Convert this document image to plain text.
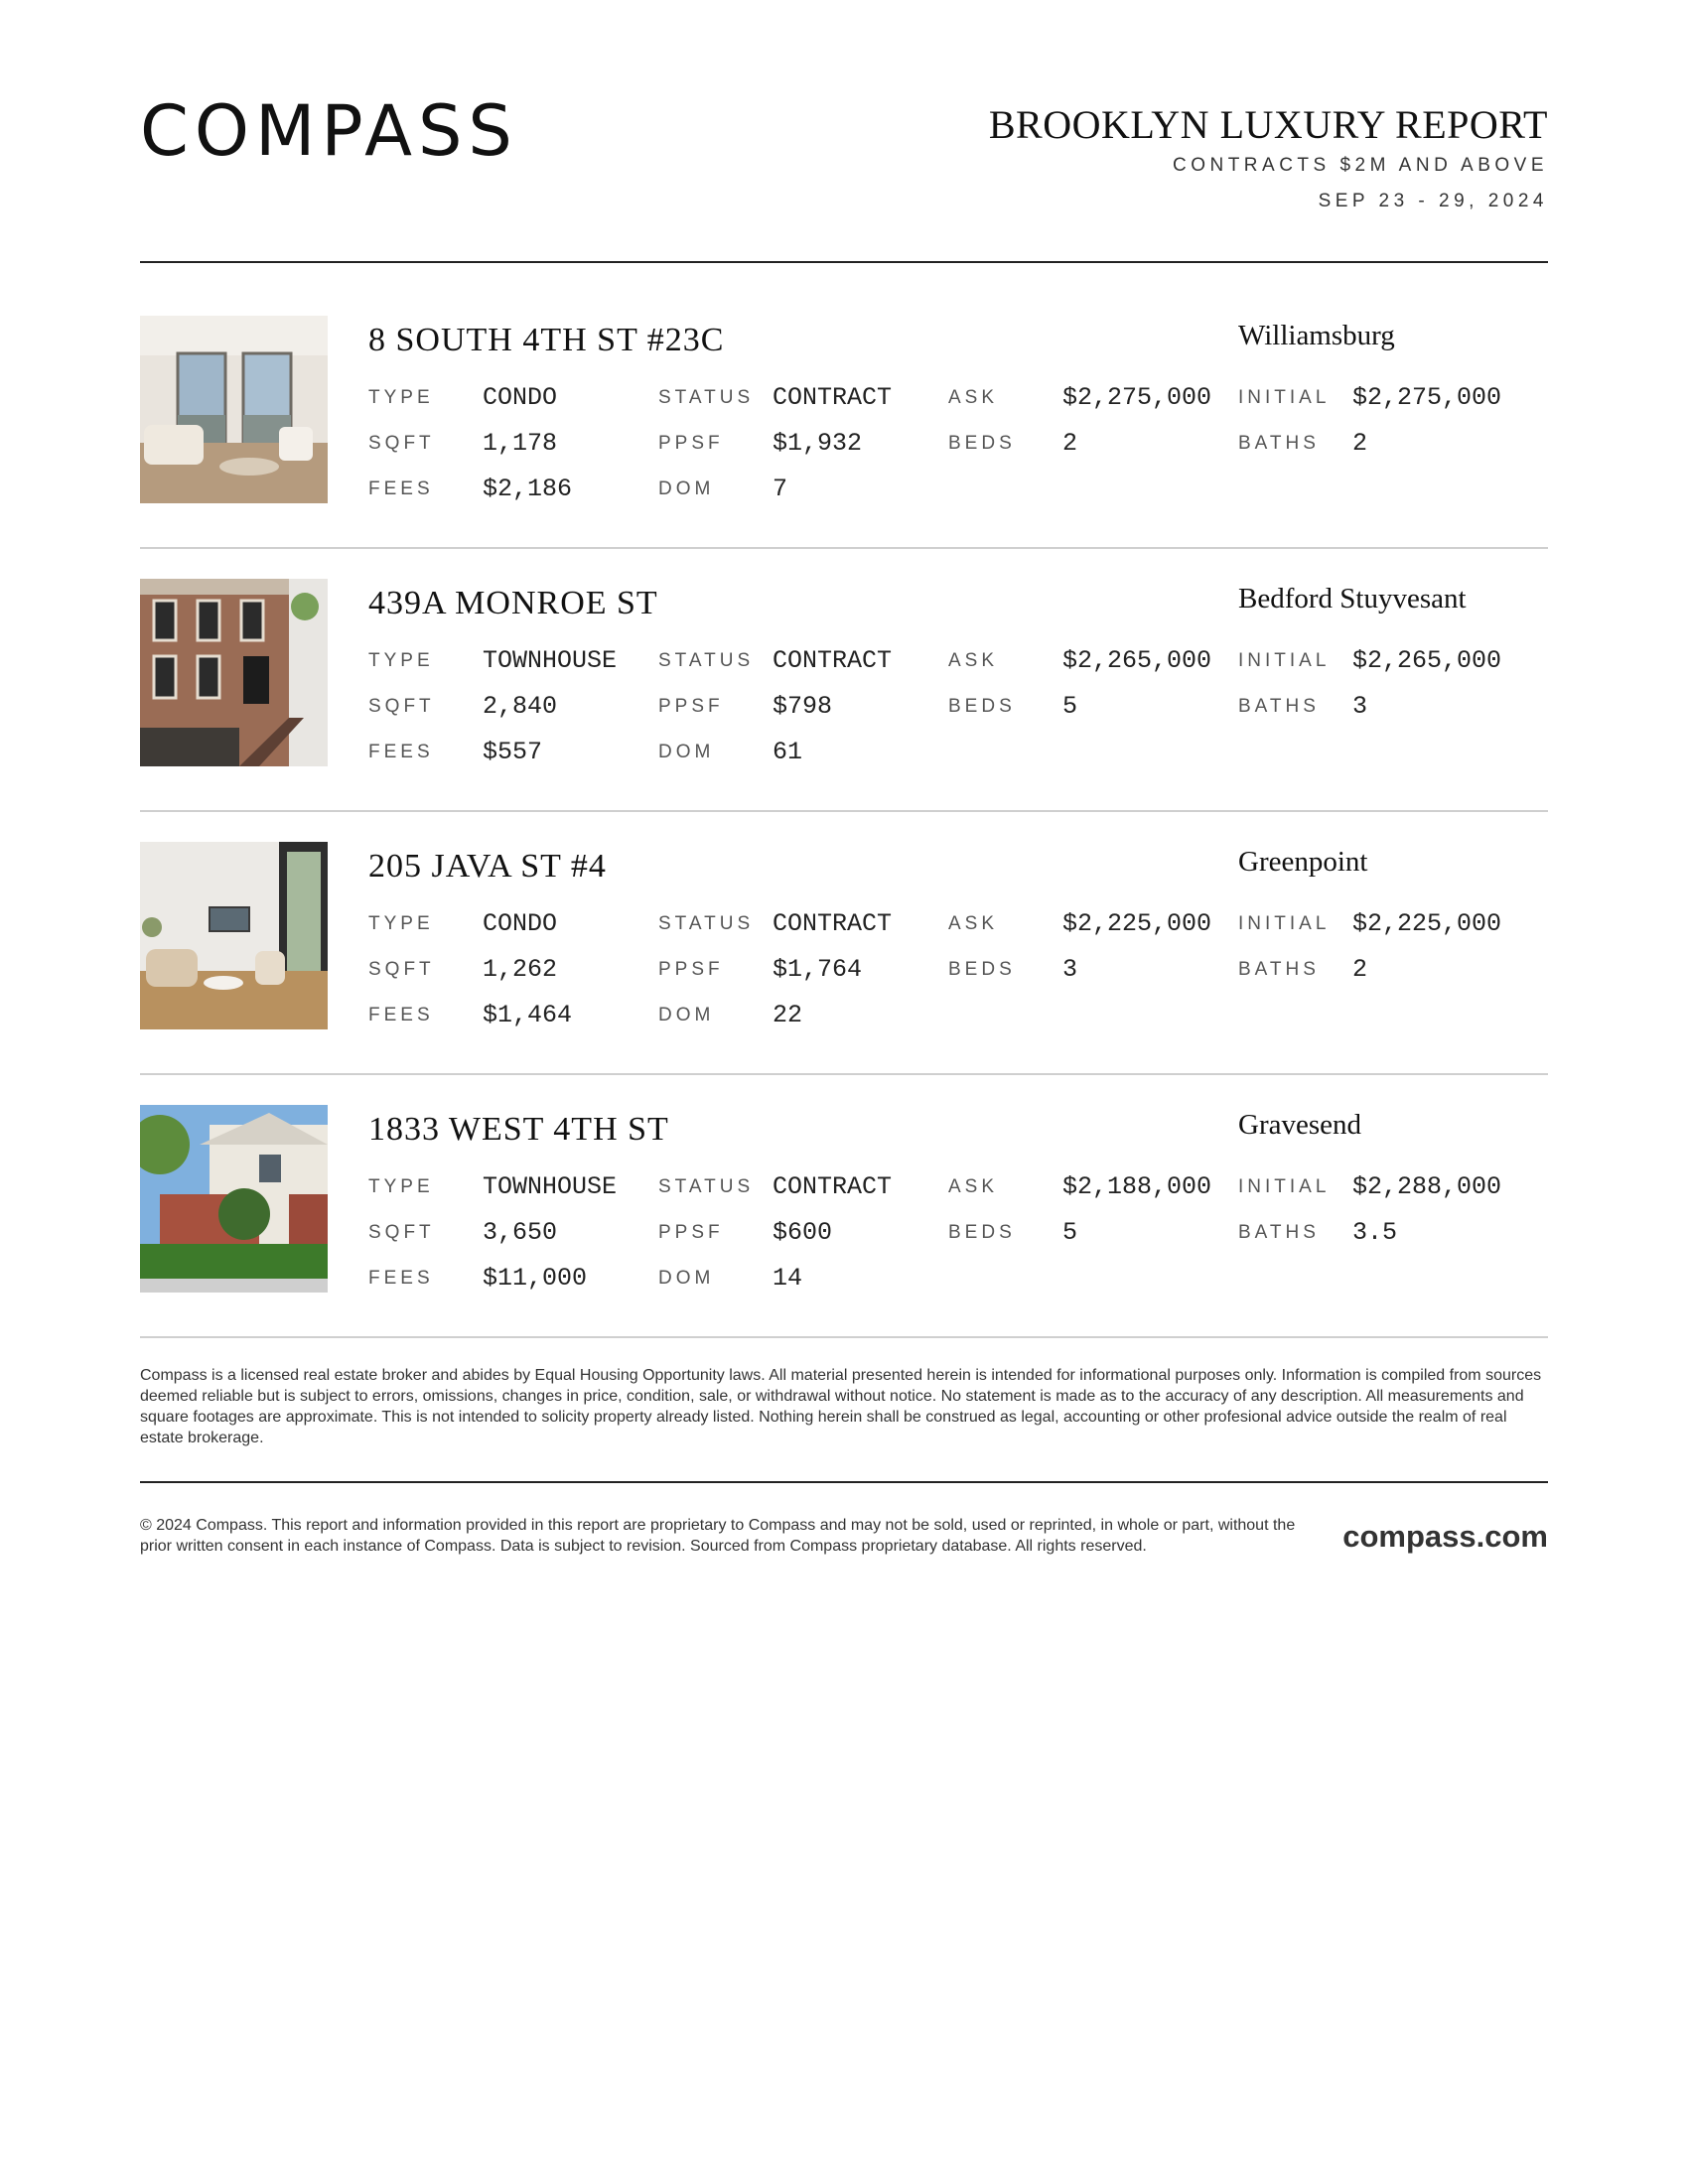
COMPASS	BROOKLYN LUXURY REPORT
CONTRACTS $2M AND ABOVE
SEP 23 - 29, 2024
8 SOUTH 4TH ST #23C	Williamsburg
TYPE CONDO	STATUS CONTRACT	ASK	$2,275,000 INITIAL $2,275,000
SQFT 1,178	PPSF $1,932	BEDS 2	BATHS 2
FEES $2,186	DOM 7
439A MONROE ST	Bedford Stuyvesant
TYPE TOWNHOUSE STATUS CONTRACT	ASK	$2,265,000 INITIAL $2,265,000
SQFT 2,840	PPSF $798	BEDS 5	BATHS 3
FEES $557	DOM 61
205 JAVA ST #4	Greenpoint
TYPE CONDO	STATUS CONTRACT	ASK	$2,225,000 INITIAL $2,225,000
SQFT 1,262	PPSF $1,764	BEDS 3	BATHS 2
FEES $1,464	DOM 22
1833 WEST 4TH ST	Gravesend
TYPE TOWNHOUSE STATUS CONTRACT	ASK	$2,188,000 INITIAL $2,288,000
SQFT 3,650	PPSF $600	BEDS 5	BATHS 3.5
FEES $11,000	DOM 14
Compass is a licensed real estate broker and abides by Equal Housing Opportunity laws. All material presented herein is intended for informational purposes only. Information is compiled from sources deemed reliable but is subject to errors, omissions, changes in price, condition, sale, or withdrawal without notice. No statement is made as to the accuracy of any description. All measurements and square footages are approximate. This is not intended to solicity property already listed. Nothing herein shall be construed as legal, accounting or other profesional advice outside the realm of real estate brokerage.
© 2024 Compass. This report and information provided in this report are proprietary to Compass and may not be sold, used or reprinted, in whole or part, without the prior written consent in each instance of Compass. Data is subject to revision. Sourced from Compass proprietary database. All rights reserved.	compass.com
